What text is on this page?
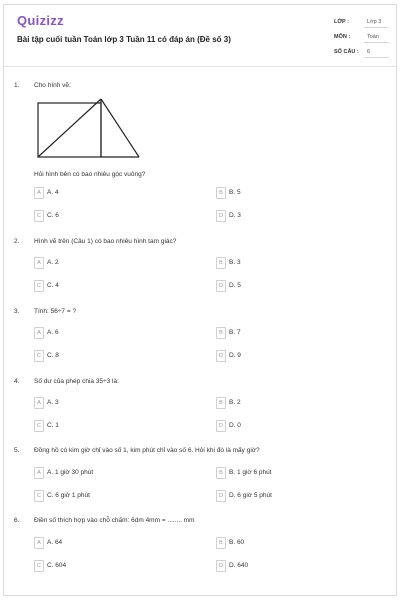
Quizizz
Bài tập cuối tuần Toán lớp 3 Tuần 11 có đáp án (Đề số 3)
LỚP :	Lớp 3
MÔN :	Toán
SỐ CÂU : 6
1. Cho hình vẽ:
Hỏi hình bên có bao nhiêu góc vuông?
A A. 4	B B. 5
C C. 6	D D. 3
2. Hình vẽ trên (Câu 1) có bao nhiêu hình tam giác?
A A. 2	B B. 3
C C. 4	D D. 5
3. Tính: 56÷7 = ?
A A. 6	B B. 7
C C. 8	D D. 9
4. Số dư của phép chia 35÷3 là:
A A. 3	B B. 2
C C. 1	D D. 0
5. Đồng hồ có kim giờ chỉ vào số 1, kim phút chỉ vào số 6. Hỏi khi đó là mấy giờ?
A A. 1 giờ 30 phút	B B. 1 giờ 6 phút
C C. 6 giờ 1 phút	D D. 6 giờ 5 phút
6. Điền số thích hợp vào chỗ chấm: 6dm 4mm = ........ mm
A A. 64	B B. 60
C C. 604	D D. 640
